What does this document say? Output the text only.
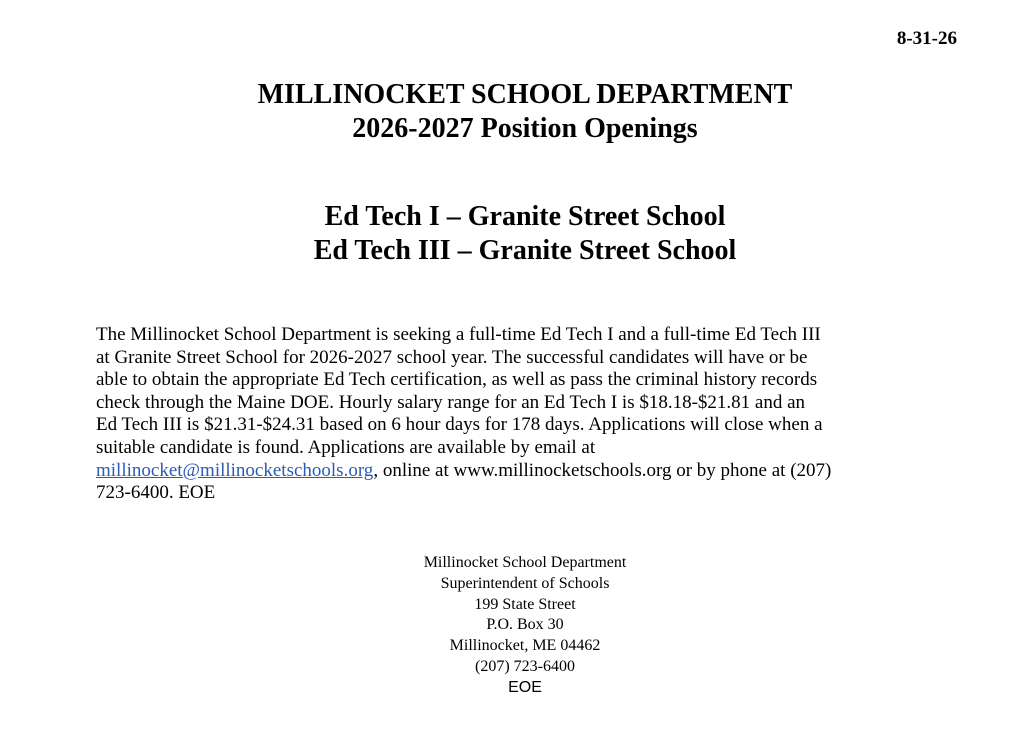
8-31-26
MILLINOCKET SCHOOL DEPARTMENT
2026-2027 Position Openings
Ed Tech I – Granite Street School
Ed Tech III – Granite Street School
The Millinocket School Department is seeking a full-time Ed Tech I and a full-time Ed Tech III
at Granite Street School for 2026-2027 school year. The successful candidates will have or be
able to obtain the appropriate Ed Tech certification, as well as pass the criminal history records
check through the Maine DOE. Hourly salary range for an Ed Tech I is $18.18-$21.81 and an
Ed Tech III is $21.31-$24.31 based on 6 hour days for 178 days. Applications will close when a
suitable candidate is found. Applications are available by email at
millinocket@millinocketschools.org, online at www.millinocketschools.org or by phone at (207)
723-6400. EOE
Millinocket School Department
Superintendent of Schools
199 State Street
P.O. Box 30
Millinocket, ME 04462
(207) 723-6400
EOE
